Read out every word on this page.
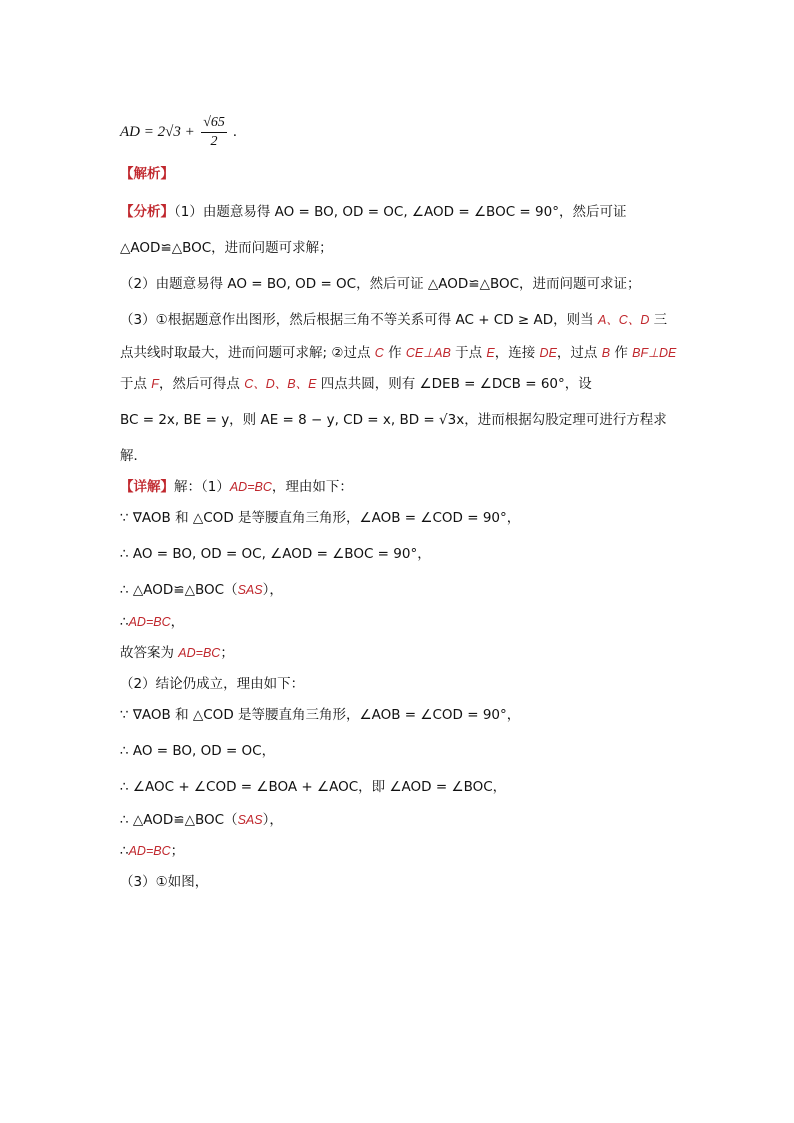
AD = $2√3 + \frac{√65}{2}$ .
【解析】
【分析】（1）由题意易得 AO = BO, OD = OC, ∠AOD = ∠BOC = 90°，然后可证
△AOD≌△BOC，进而问题可求解；
（2）由题意易得 AO = BO, OD = OC，然后可证 △AOD≌△BOC，进而问题可求证；
（3）①根据题意作出图形，然后根据三角不等关系可得 AC + CD ≥ AD，则当 A、C、D 三
点共线时取最大，进而问题可求解; ②过点 C 作 CE⊥AB 于点 E，连接 DE，过点 B 作 BF⊥DE
于点 F，然后可得点 C、D、B、E 四点共圆，则有 ∠DEB = ∠DCB = 60°，设
BC = 2x, BE = y，则 AE = 8 − y, CD = x, BD = √3x，进而根据勾股定理可进行方程求
解．
【详解】解：（1）AD=BC，理由如下：
∵ ∇AOB 和 △COD 是等腰直角三角形，∠AOB = ∠COD = 90°，
∴ AO = BO, OD = OC, ∠AOD = ∠BOC = 90°，
∴ △AOD≌△BOC（SAS），
∴AD=BC，
故答案为 AD=BC；
（2）结论仍成立，理由如下：
∵ ∇AOB 和 △COD 是等腰直角三角形，∠AOB = ∠COD = 90°，
∴ AO = BO, OD = OC，
∴ ∠AOC + ∠COD = ∠BOA + ∠AOC，即 ∠AOD = ∠BOC，
∴ △AOD≌△BOC（SAS），
∴AD=BC；
（3）①如图，
